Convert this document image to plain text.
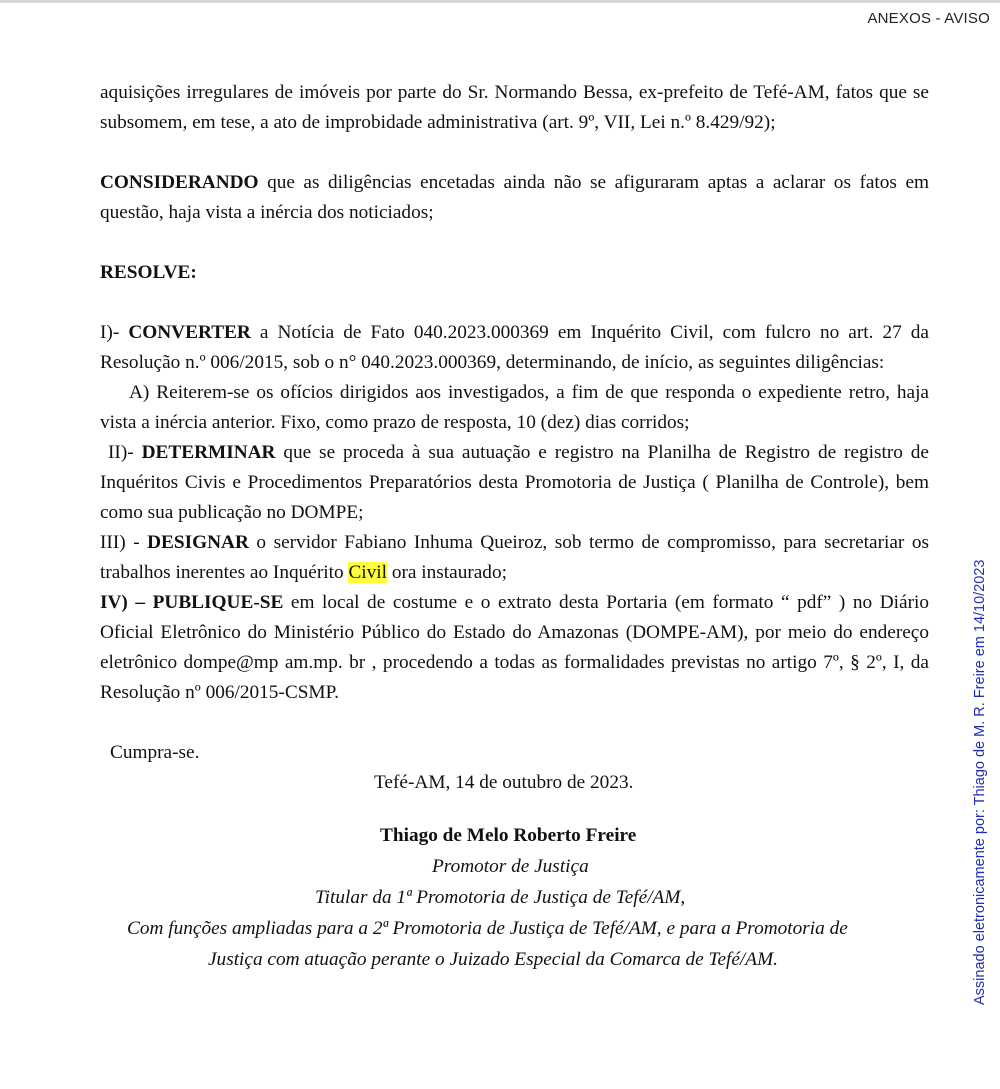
ANEXOS - AVISO

aquisições irregulares de imóveis por parte do Sr. Normando Bessa, ex-prefeito de Tefé-AM, fatos que se subsomem, em tese, a ato de improbidade administrativa (art. 9º, VII, Lei n.º 8.429/92);

CONSIDERANDO que as diligências encetadas ainda não se afiguraram aptas a aclarar os fatos em questão, haja vista a inércia dos noticiados;

RESOLVE:

I)- CONVERTER a Notícia de Fato 040.2023.000369 em Inquérito Civil, com fulcro no art. 27 da Resolução n.º 006/2015, sob o n° 040.2023.000369, determinando, de início, as seguintes diligências:

A) Reiterem-se os ofícios dirigidos aos investigados, a fim de que responda o expediente retro, haja vista a inércia anterior. Fixo, como prazo de resposta, 10 (dez) dias corridos;

II)- DETERMINAR que se proceda à sua autuação e registro na Planilha de Registro de registro de Inquéritos Civis e Procedimentos Preparatórios desta Promotoria de Justiça ( Planilha de Controle), bem como sua publicação no DOMPE;

III) - DESIGNAR o servidor Fabiano Inhuma Queiroz, sob termo de compromisso, para secretariar os trabalhos inerentes ao Inquérito Civil ora instaurado;

IV) – PUBLIQUE-SE em local de costume e o extrato desta Portaria (em formato “ pdf” ) no Diário Oficial Eletrônico do Ministério Público do Estado do Amazonas (DOMPE-AM), por meio do endereço eletrônico dompe@mp am.mp. br , procedendo a todas as formalidades previstas no artigo 7º, § 2º, I, da Resolução nº 006/2015-CSMP.

Cumpra-se.

Tefé-AM, 14 de outubro de 2023.

Thiago de Melo Roberto Freire

Promotor de Justiça

Titular da 1ª Promotoria de Justiça de Tefé/AM,

Com funções ampliadas para a 2ª Promotoria de Justiça de Tefé/AM, e para a Promotoria de

Justiça com atuação perante o Juizado Especial da Comarca de Tefé/AM.	Assinado eletronicamente por: Thiago de M. R. Freire em 14/10/2023
